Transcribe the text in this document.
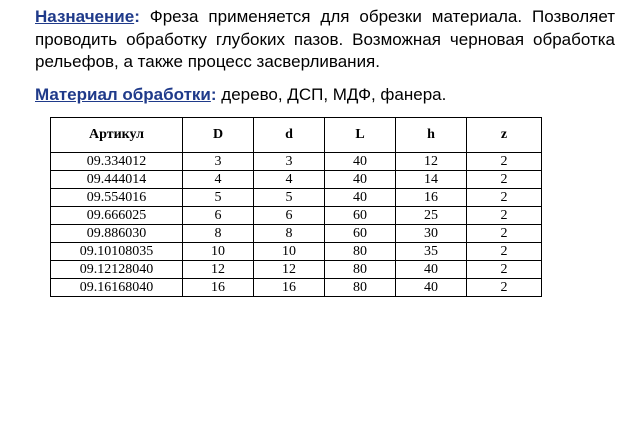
Назначение: Фреза применяется для обрезки материала. Позволяет проводить обработку глубоких пазов. Возможная черновая обработка рельефов, а также процесс засверливания.
Материал обработки: дерево, ДСП, МДФ, фанера.
Артикул	D	d	L	h	z
09.334012	3	3	40	12	2
09.444014	4	4	40	14	2
09.554016	5	5	40	16	2
09.666025	6	6	60	25	2
09.886030	8	8	60	30	2
09.10108035	10	10	80	35	2
09.12128040	12	12	80	40	2
09.16168040	16	16	80	40	2
